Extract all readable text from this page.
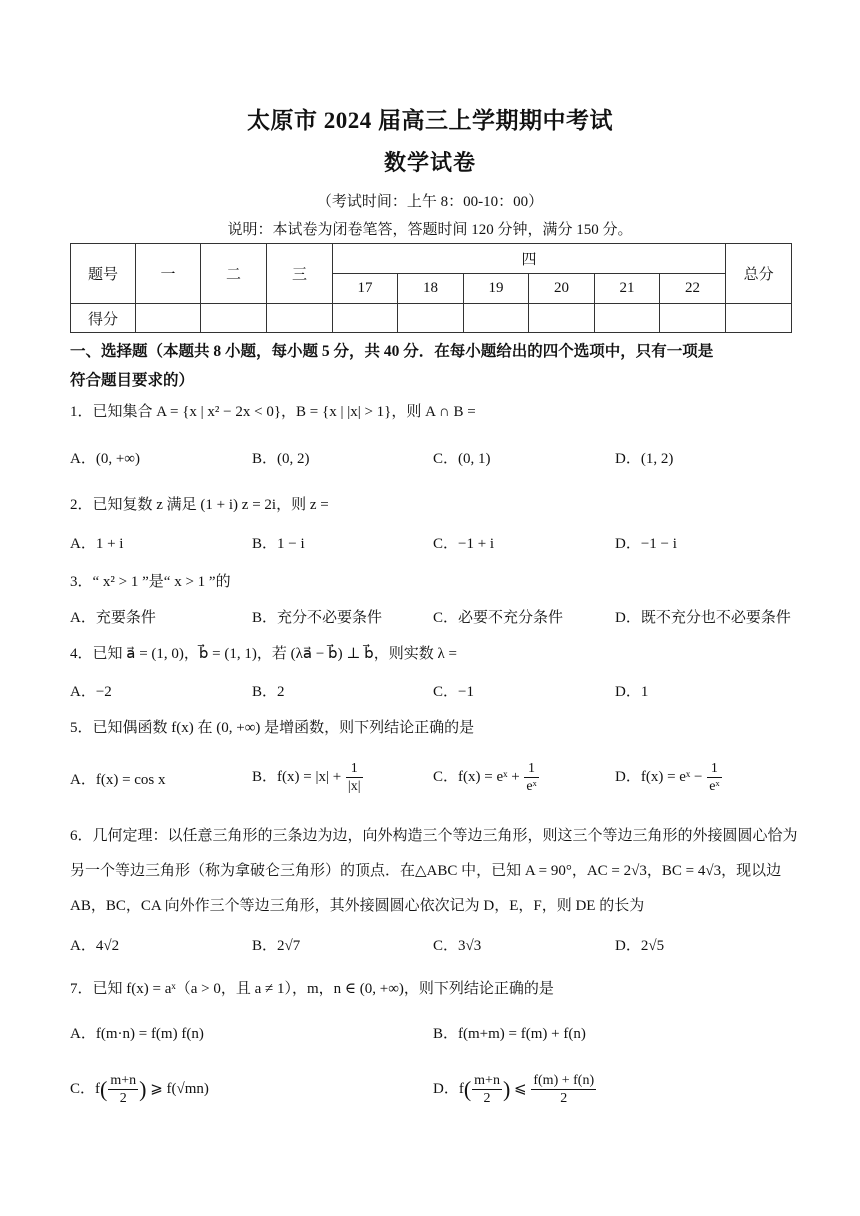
太原市 2024 届高三上学期期中考试
数学试卷
（考试时间：上午 8：00-10：00）
说明：本试卷为闭卷笔答，答题时间 120 分钟，满分 150 分。
题号	一	二	三	四						总分
				17	18	19	20	21	22	
得分										
一、选择题（本题共 8 小题，每小题 5 分，共 40 分．在每小题给出的四个选项中，只有一项是
符合题目要求的）
1．已知集合 A = {x | x² − 2x < 0}，B = {x | |x| > 1}，则 A ∩ B =
A．(0, +∞)	B．(0, 2)	C．(0, 1)	D．(1, 2)
2．已知复数 z 满足 (1 + i) z = 2i，则 z =
A．1 + i	B．1 − i	C．−1 + i	D．−1 − i
3．“ x² > 1 ”是“ x > 1 ”的
A．充要条件	B．充分不必要条件	C．必要不充分条件	D．既不充分也不必要条件
4．已知 a⃗ = (1, 0)，b⃗ = (1, 1)，若 (λa⃗ − b⃗) ⊥ b⃗，则实数 λ =
A．−2	B．2	C．−1	D．1
5．已知偶函数 f(x) 在 (0, +∞) 是增函数，则下列结论正确的是
A．f(x) = cos x	B．$f(x) = |x| + \frac{1}{|x|}$	C．f(x) = eˣ + $\frac{1}{\text{eˣ}}$	D．f(x) = eˣ − $\frac{1}{\text{eˣ}}$
6．几何定理：以任意三角形的三条边为边，向外构造三个等边三角形，则这三个等边三角形的外接圆圆心恰为另一个等边三角形（称为拿破仑三角形）的顶点．在△ABC 中，已知 A = 90°，AC = 2√3，BC = 4√3，现以边 AB，BC，CA 向外作三个等边三角形，其外接圆圆心依次记为 D，E，F，则 DE 的长为
A．4√2	B．2√7	C．3√3	D．2√5
7．已知 f(x) = aˣ（a > 0，且 a ≠ 1），m，n ∈ (0, +∞)，则下列结论正确的是
A．f(m·n) = f(m) f(n)	B．f(m+m) = f(m) + f(n)
C．$f( \frac{m+n}{2}$ ) ⩾ f(√mn)	D．$f( \frac{m+n}{2}$ ) ⩽ $\frac{f(m) + f(n)}{2}$
